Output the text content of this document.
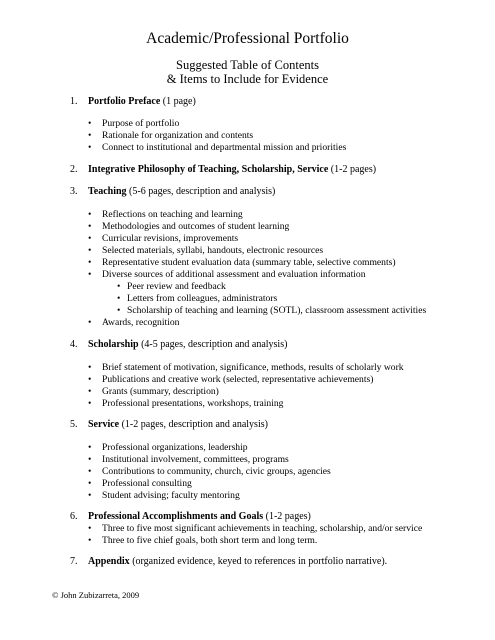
Academic/Professional Portfolio
Suggested Table of Contents
& Items to Include for Evidence
1. Portfolio Preface (1 page)
• Purpose of portfolio
• Rationale for organization and contents
• Connect to institutional and departmental mission and priorities
2. Integrative Philosophy of Teaching, Scholarship, Service (1-2 pages)
3. Teaching (5-6 pages, description and analysis)
• Reflections on teaching and learning
• Methodologies and outcomes of student learning
• Curricular revisions, improvements
• Selected materials, syllabi, handouts, electronic resources
• Representative student evaluation data (summary table, selective comments)
• Diverse sources of additional assessment and evaluation information
• Peer review and feedback
• Letters from colleagues, administrators
• Scholarship of teaching and learning (SOTL), classroom assessment activities
• Awards, recognition
4. Scholarship (4-5 pages, description and analysis)
• Brief statement of motivation, significance, methods, results of scholarly work
• Publications and creative work (selected, representative achievements)
• Grants (summary, description)
• Professional presentations, workshops, training
5. Service (1-2 pages, description and analysis)
• Professional organizations, leadership
• Institutional involvement, committees, programs
• Contributions to community, church, civic groups, agencies
• Professional consulting
• Student advising; faculty mentoring
6. Professional Accomplishments and Goals (1-2 pages)
• Three to five most significant achievements in teaching, scholarship, and/or service
• Three to five chief goals, both short term and long term.
7. Appendix (organized evidence, keyed to references in portfolio narrative).
© John Zubizarreta, 2009
